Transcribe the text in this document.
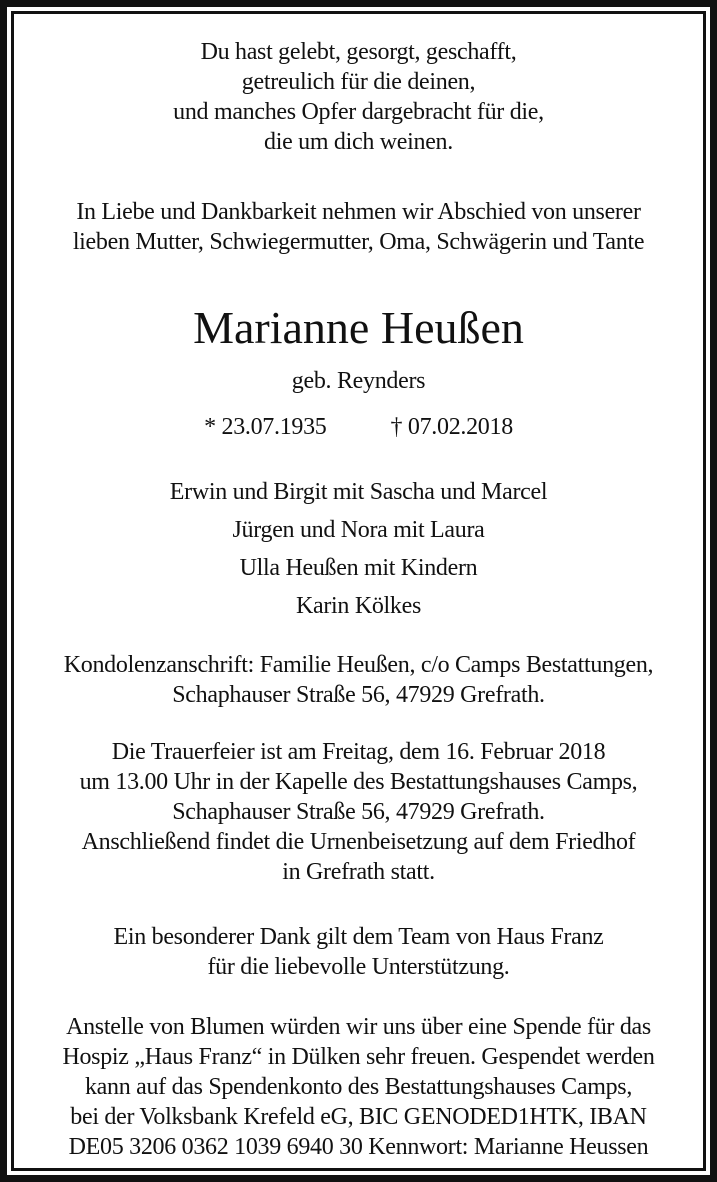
Du hast gelebt, gesorgt, geschafft,
getreulich für die deinen,
und manches Opfer dargebracht für die,
die um dich weinen.
In Liebe und Dankbarkeit nehmen wir Abschied von unserer
lieben Mutter, Schwiegermutter, Oma, Schwägerin und Tante
Marianne Heußen
geb. Reynders
* 23.07.1935	† 07.02.2018
Erwin und Birgit mit Sascha und Marcel
Jürgen und Nora mit Laura
Ulla Heußen mit Kindern
Karin Kölkes
Kondolenzanschrift: Familie Heußen, c/o Camps Bestattungen,
Schaphauser Straße 56, 47929 Grefrath.
Die Trauerfeier ist am Freitag, dem 16. Februar 2018
um 13.00 Uhr in der Kapelle des Bestattungshauses Camps,
Schaphauser Straße 56, 47929 Grefrath.
Anschließend findet die Urnenbeisetzung auf dem Friedhof
in Grefrath statt.
Ein besonderer Dank gilt dem Team von Haus Franz
für die liebevolle Unterstützung.
Anstelle von Blumen würden wir uns über eine Spende für das
Hospiz „Haus Franz“ in Dülken sehr freuen. Gespendet werden
kann auf das Spendenkonto des Bestattungshauses Camps,
bei der Volksbank Krefeld eG, BIC GENODED1HTK, IBAN
DE05 3206 0362 1039 6940 30 Kennwort: Marianne Heussen
